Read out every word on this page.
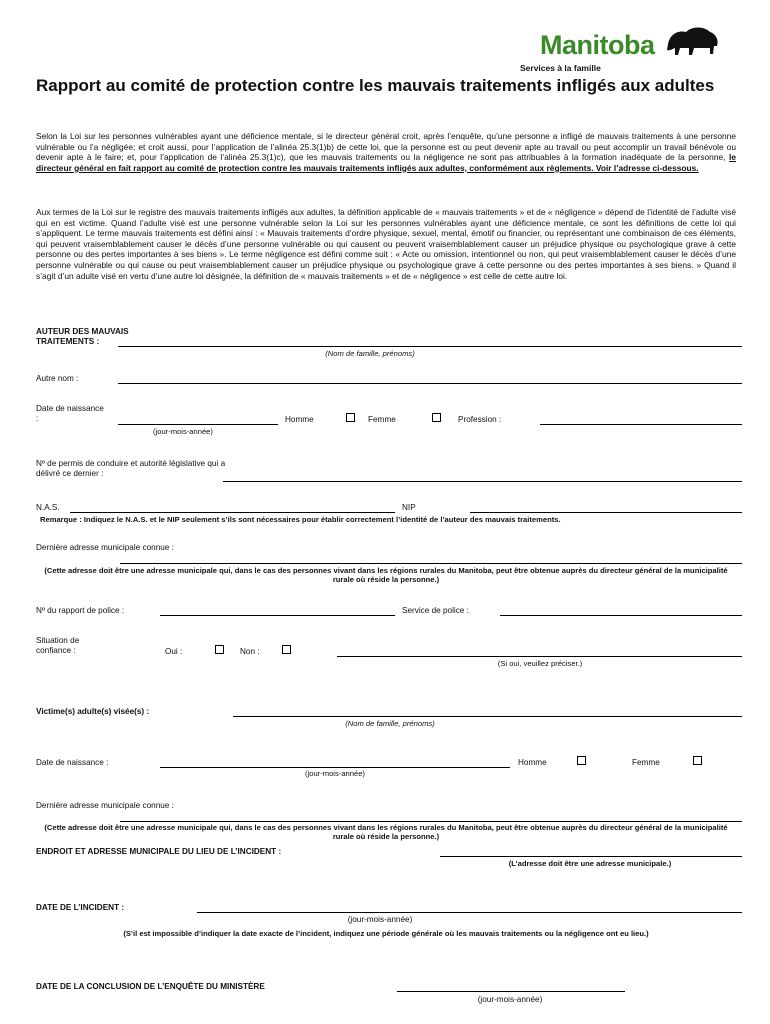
Manitoba
Services à la famille
Rapport au comité de protection contre les mauvais traitements infligés aux adultes
Selon la Loi sur les personnes vulnérables ayant une déficience mentale, si le directeur général croit, après l’enquête, qu’une personne a infligé de mauvais traitements à une personne vulnérable ou l’a négligée; et croit aussi, pour l’application de l’alinéa 25.3(1)b) de cette loi, que la personne est ou peut devenir apte au travail ou peut accomplir un travail bénévole ou devenir apte à le faire; et, pour l’application de l’alinéa 25.3(1)c), que les mauvais traitements ou la négligence ne sont pas attribuables à la formation inadéquate de la personne, le directeur général en fait rapport au comité de protection contre les mauvais traitements infligés aux adultes, conformément aux règlements. Voir l’adresse ci-dessous.
Aux termes de la Loi sur le registre des mauvais traitements infligés aux adultes, la définition applicable de « mauvais traitements » et de « négligence » dépend de l’identité de l’adulte visé qui en est victime. Quand l’adulte visé est une personne vulnérable selon la Loi sur les personnes vulnérables ayant une déficience mentale, ce sont les définitions de cette loi qui s’appliquent. Le terme mauvais traitements est défini ainsi : « Mauvais traitements d’ordre physique, sexuel, mental, émotif ou financier, ou représentant une combinaison de ces éléments, qui peuvent vraisemblablement causer le décès d’une personne vulnérable ou qui causent ou peuvent vraisemblablement causer un préjudice physique ou psychologique grave à cette personne ou des pertes importantes à ses biens ». Le terme négligence est défini comme suit : « Acte ou omission, intentionnel ou non, qui peut vraisemblablement causer le décès d’une personne vulnérable ou qui cause ou peut vraisemblablement causer un préjudice physique ou psychologique grave à cette personne ou des pertes importantes à ses biens. » Quand il s’agit d’un adulte visé en vertu d’une autre loi désignée, la définition de « mauvais traitements » et de « négligence » est celle de cette autre loi.
AUTEUR DES MAUVAIS TRAITEMENTS :
(Nom de famille, prénoms)
Autre nom :
Date de naissance :
(jour-mois-année)
Homme	Femme	Profession :
Nº de permis de conduire et autorité législative qui a délivré ce dernier :
N.A.S.	NIP
Remarque : Indiquez le N.A.S. et le NIP seulement s’ils sont nécessaires pour établir correctement l’identité de l’auteur des mauvais traitements.
Dernière adresse municipale connue :
(Cette adresse doit être une adresse municipale qui, dans le cas des personnes vivant dans les régions rurales du Manitoba, peut être obtenue auprès du directeur général de la municipalité rurale où réside la personne.)
Nº du rapport de police :	Service de police :
Situation de confiance :	Oui :	Non :
(Si oui, veuillez préciser.)
Victime(s) adulte(s) visée(s) :
(Nom de famille, prénoms)
Date de naissance :
(jour-mois-année)
Homme	Femme
Dernière adresse municipale connue :
(Cette adresse doit être une adresse municipale qui, dans le cas des personnes vivant dans les régions rurales du Manitoba, peut être obtenue auprès du directeur général de la municipalité rurale où réside la personne.)
ENDROIT ET ADRESSE MUNICIPALE DU LIEU DE L’INCIDENT :
(L’adresse doit être une adresse municipale.)
DATE DE L’INCIDENT :
(jour-mois-année)
(S’il est impossible d’indiquer la date exacte de l’incident, indiquez une période générale où les mauvais traitements ou la négligence ont eu lieu.)
DATE DE LA CONCLUSION DE L’ENQUÊTE DU MINISTÈRE
(jour-mois-année)
